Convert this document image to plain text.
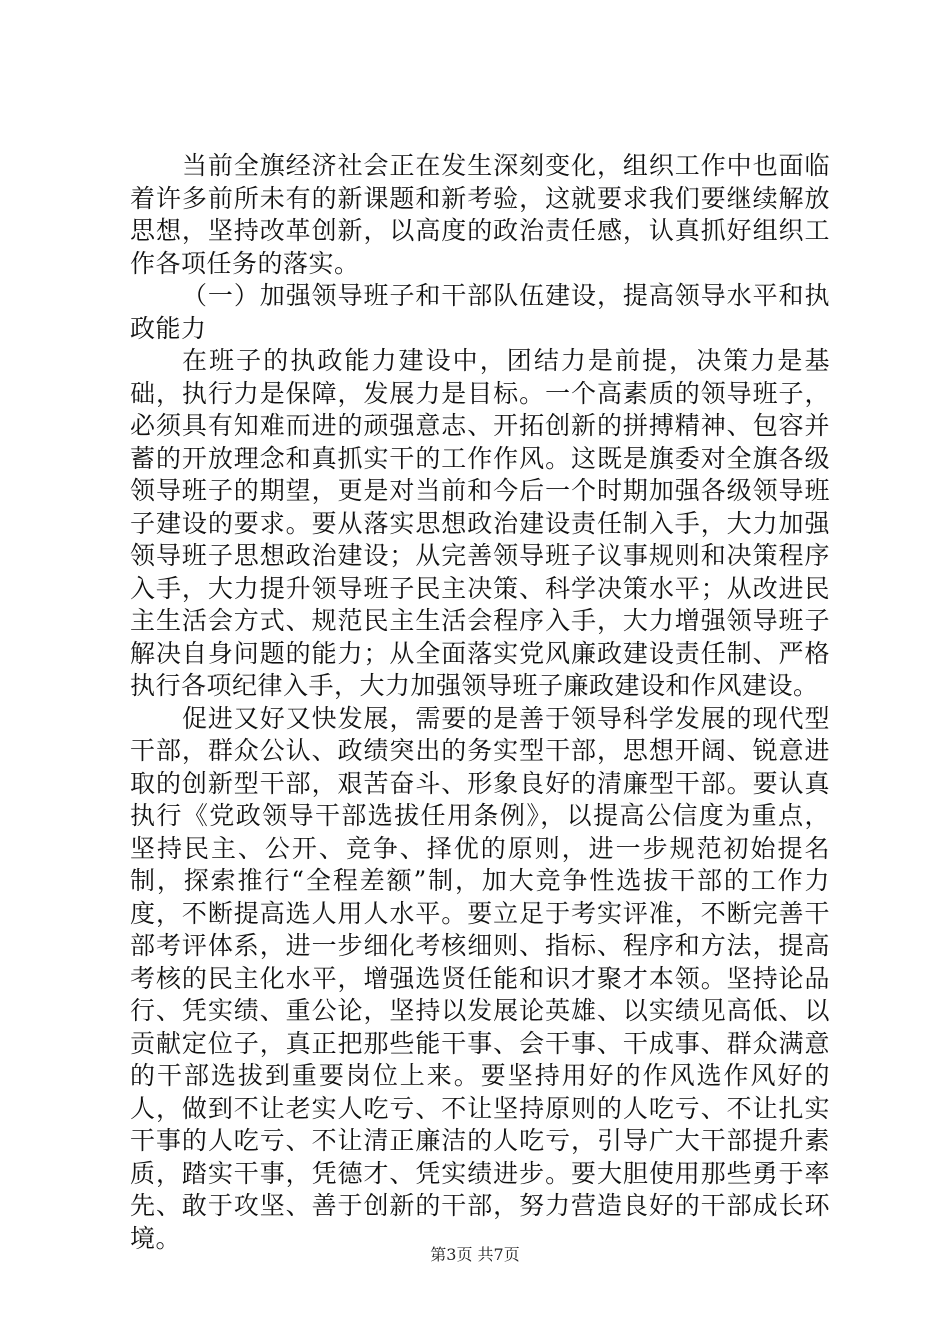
当前全旗经济社会正在发生深刻变化，组织工作中也面临着许多前所未有的新课题和新考验，这就要求我们要继续解放思想，坚持改革创新，以高度的政治责任感，认真抓好组织工作各项任务的落实。

（一）加强领导班子和干部队伍建设，提高领导水平和执政能力

在班子的执政能力建设中，团结力是前提，决策力是基础，执行力是保障，发展力是目标。一个高素质的领导班子，必须具有知难而进的顽强意志、开拓创新的拼搏精神、包容并蓄的开放理念和真抓实干的工作作风。这既是旗委对全旗各级领导班子的期望，更是对当前和今后一个时期加强各级领导班子建设的要求。要从落实思想政治建设责任制入手，大力加强领导班子思想政治建设；从完善领导班子议事规则和决策程序入手，大力提升领导班子民主决策、科学决策水平；从改进民主生活会方式、规范民主生活会程序入手，大力增强领导班子解决自身问题的能力；从全面落实党风廉政建设责任制、严格执行各项纪律入手，大力加强领导班子廉政建设和作风建设。

促进又好又快发展，需要的是善于领导科学发展的现代型干部，群众公认、政绩突出的务实型干部，思想开阔、锐意进取的创新型干部，艰苦奋斗、形象良好的清廉型干部。要认真执行《党政领导干部选拔任用条例》，以提高公信度为重点，坚持民主、公开、竞争、择优的原则，进一步规范初始提名制，探索推行“全程差额”制，加大竞争性选拔干部的工作力度，不断提高选人用人水平。要立足于考实评准，不断完善干部考评体系，进一步细化考核细则、指标、程序和方法，提高考核的民主化水平，增强选贤任能和识才聚才本领。坚持论品行、凭实绩、重公论，坚持以发展论英雄、以实绩见高低、以贡献定位子，真正把那些能干事、会干事、干成事、群众满意的干部选拔到重要岗位上来。要坚持用好的作风选作风好的人，做到不让老实人吃亏、不让坚持原则的人吃亏、不让扎实干事的人吃亏、不让清正廉洁的人吃亏，引导广大干部提升素质，踏实干事，凭德才、凭实绩进步。要大胆使用那些勇于率先、敢于攻坚、善于创新的干部，努力营造良好的干部成长环境。

第3页 共7页
